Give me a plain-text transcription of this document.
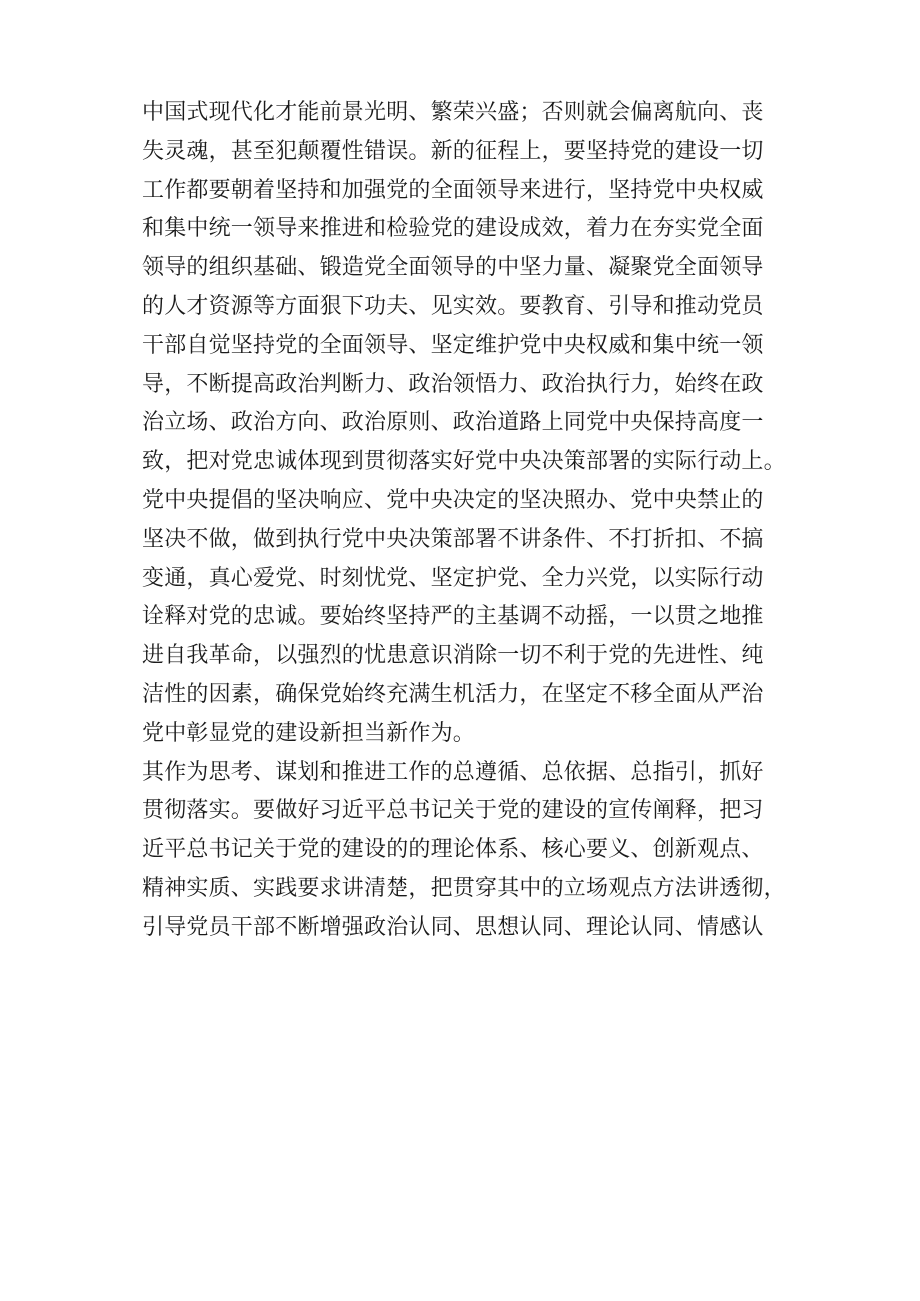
中国式现代化才能前景光明、繁荣兴盛；否则就会偏离航向、丧
失灵魂，甚至犯颠覆性错误。新的征程上，要坚持党的建设一切
工作都要朝着坚持和加强党的全面领导来进行，坚持党中央权威
和集中统一领导来推进和检验党的建设成效，着力在夯实党全面
领导的组织基础、锻造党全面领导的中坚力量、凝聚党全面领导
的人才资源等方面狠下功夫、见实效。要教育、引导和推动党员
干部自觉坚持党的全面领导、坚定维护党中央权威和集中统一领
导，不断提高政治判断力、政治领悟力、政治执行力，始终在政
治立场、政治方向、政治原则、政治道路上同党中央保持高度一
致，把对党忠诚体现到贯彻落实好党中央决策部署的实际行动上。
党中央提倡的坚决响应、党中央决定的坚决照办、党中央禁止的
坚决不做，做到执行党中央决策部署不讲条件、不打折扣、不搞
变通，真心爱党、时刻忧党、坚定护党、全力兴党，以实际行动
诠释对党的忠诚。要始终坚持严的主基调不动摇，一以贯之地推
进自我革命，以强烈的忧患意识消除一切不利于党的先进性、纯
洁性的因素，确保党始终充满生机活力，在坚定不移全面从严治
党中彰显党的建设新担当新作为。
其作为思考、谋划和推进工作的总遵循、总依据、总指引，抓好
贯彻落实。要做好习近平总书记关于党的建设的宣传阐释，把习
近平总书记关于党的建设的的理论体系、核心要义、创新观点、
精神实质、实践要求讲清楚，把贯穿其中的立场观点方法讲透彻，
引导党员干部不断增强政治认同、思想认同、理论认同、情感认
